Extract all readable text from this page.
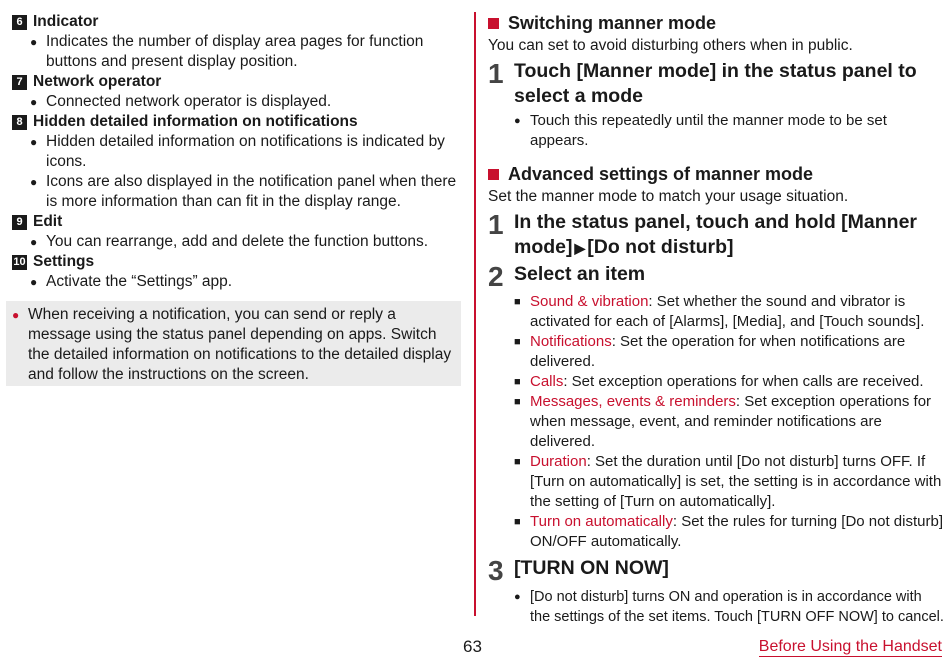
6 Indicator
● Indicates the number of display area pages for function buttons and present display position.
7 Network operator
● Connected network operator is displayed.
8 Hidden detailed information on notifications
● Hidden detailed information on notifications is indicated by icons.
● Icons are also displayed in the notification panel when there is more information than can fit in the display range.
9 Edit
● You can rearrange, add and delete the function buttons.
10 Settings
● Activate the “Settings” app.
● When receiving a notification, you can send or reply a message using the status panel depending on apps. Switch the detailed information on notifications to the detailed display and follow the instructions on the screen.
Switching manner mode
You can set to avoid disturbing others when in public.
1 Touch [Manner mode] in the status panel to select a mode
● Touch this repeatedly until the manner mode to be set appears.
Advanced settings of manner mode
Set the manner mode to match your usage situation.
1 In the status panel, touch and hold [Manner mode] ▶ [Do not disturb]
2 Select an item
■ Sound & vibration: Set whether the sound and vibrator is activated for each of [Alarms], [Media], and [Touch sounds].
■ Notifications: Set the operation for when notifications are delivered.
■ Calls: Set exception operations for when calls are received.
■ Messages, events & reminders: Set exception operations for when message, event, and reminder notifications are delivered.
■ Duration: Set the duration until [Do not disturb] turns OFF. If [Turn on automatically] is set, the setting is in accordance with the setting of [Turn on automatically].
■ Turn on automatically: Set the rules for turning [Do not disturb] ON/OFF automatically.
3 [TURN ON NOW]
● [Do not disturb] turns ON and operation is in accordance with the settings of the set items. Touch [TURN OFF NOW] to cancel.
63	Before Using the Handset
